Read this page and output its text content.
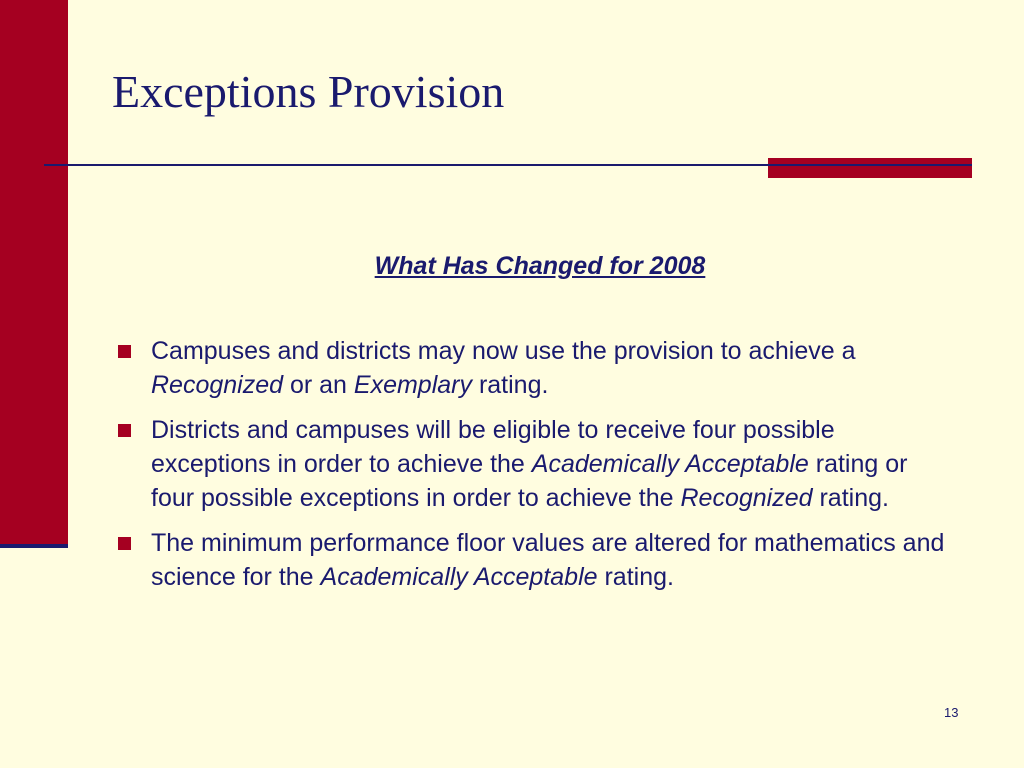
Exceptions Provision

What Has Changed for 2008

Campuses and districts may now use the provision to achieve a Recognized or an Exemplary rating.
Districts and campuses will be eligible to receive four possible exceptions in order to achieve the Academically Acceptable rating or four possible exceptions in order to achieve the Recognized rating.
The minimum performance floor values are altered for mathematics and science for the Academically Acceptable rating.
13
